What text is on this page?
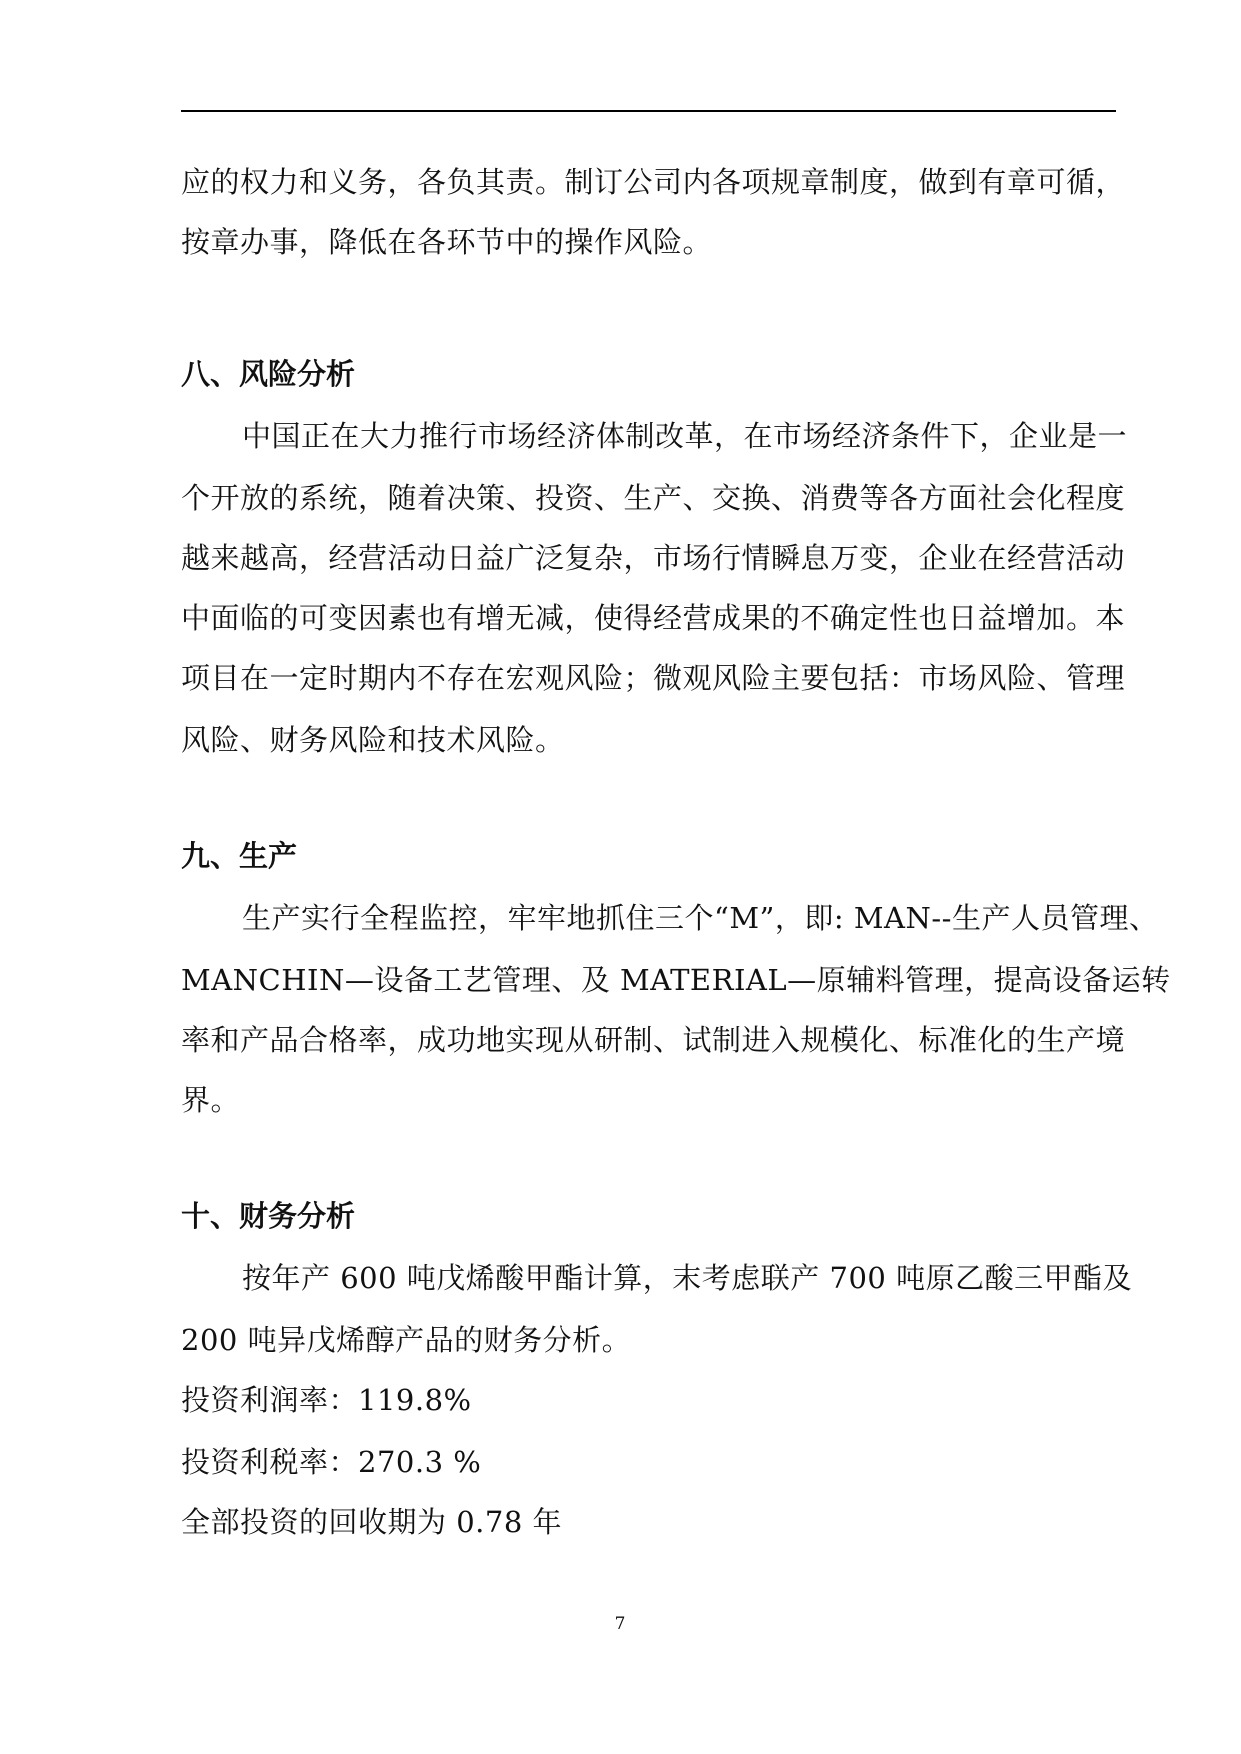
应的权力和义务，各负其责。制订公司内各项规章制度，做到有章可循，
按章办事，降低在各环节中的操作风险。
八、风险分析
中国正在大力推行市场经济体制改革，在市场经济条件下，企业是一
个开放的系统，随着决策、投资、生产、交换、消费等各方面社会化程度
越来越高，经营活动日益广泛复杂，市场行情瞬息万变，企业在经营活动
中面临的可变因素也有增无减，使得经营成果的不确定性也日益增加。本
项目在一定时期内不存在宏观风险；微观风险主要包括：市场风险、管理
风险、财务风险和技术风险。
九、生产
生产实行全程监控，牢牢地抓住三个“M”，即: MAN--生产人员管理、
MANCHIN—设备工艺管理、及 MATERIAL—原辅料管理，提高设备运转
率和产品合格率，成功地实现从研制、试制进入规模化、标准化的生产境
界。
十、财务分析
按年产 600 吨戊烯酸甲酯计算，末考虑联产 700 吨原乙酸三甲酯及
200 吨异戊烯醇产品的财务分析。
投资利润率：119.8%
投资利税率：270.3 %
全部投资的回收期为 0.78 年
7
